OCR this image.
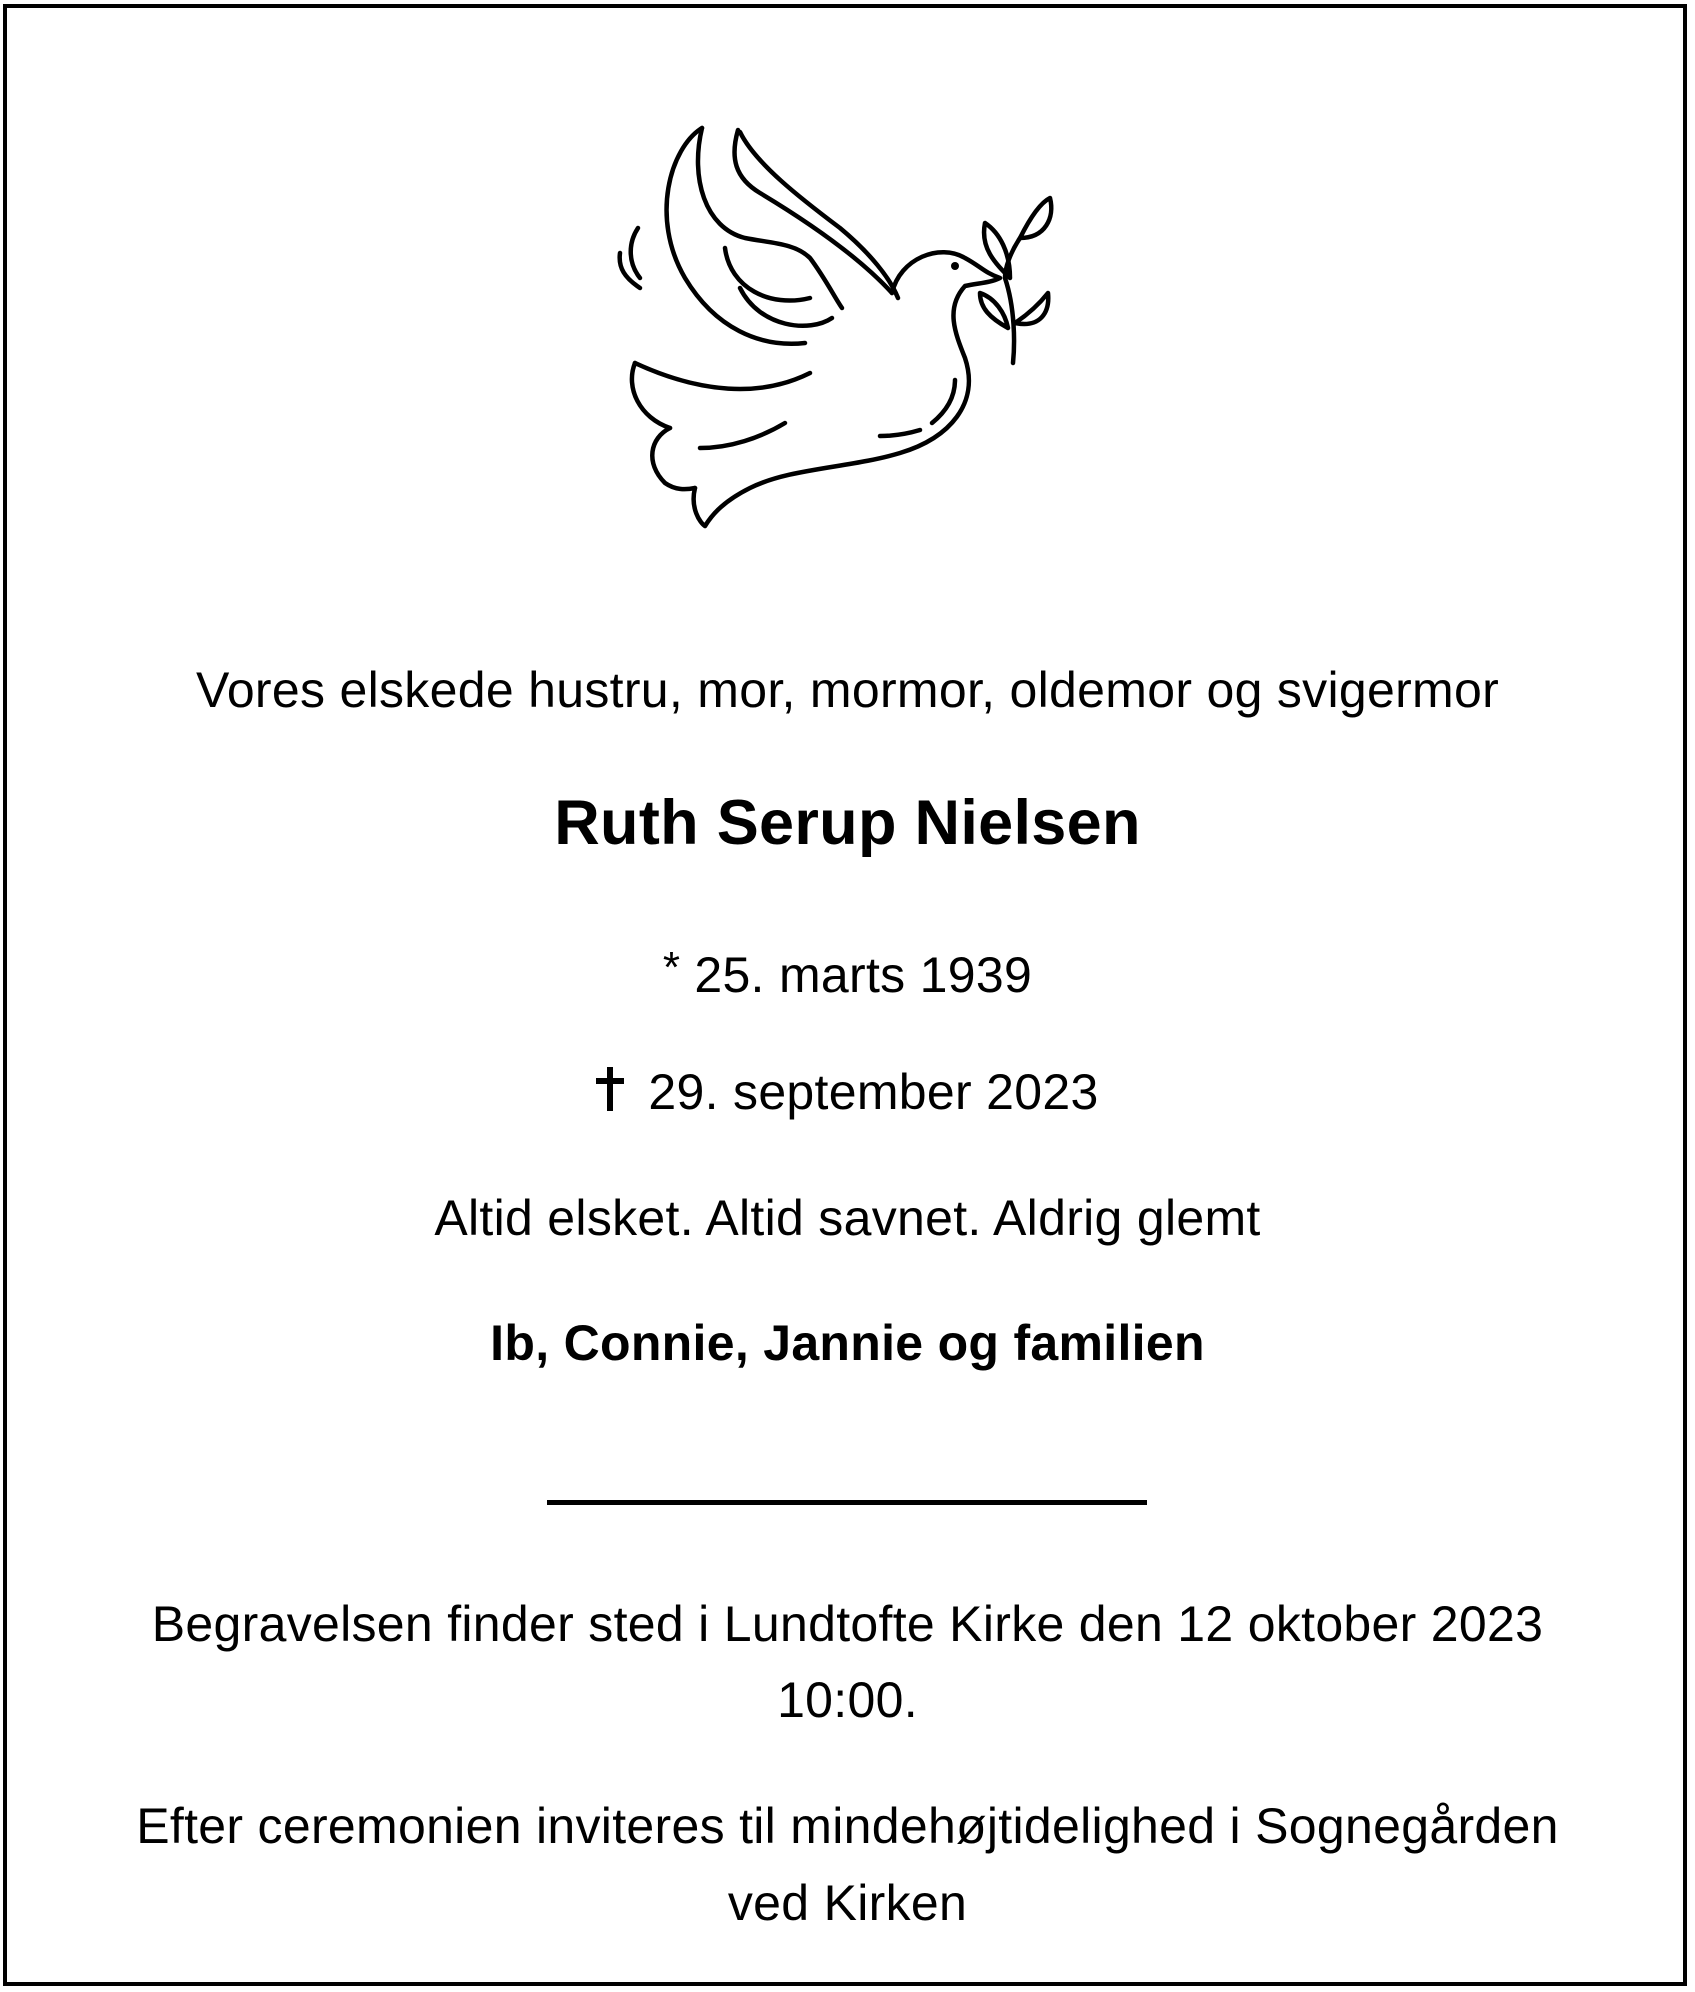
Vores elskede hustru, mor, mormor, oldemor og svigermor
Ruth Serup Nielsen
* 25. marts 1939
29. september 2023
Altid elsket. Altid savnet. Aldrig glemt
Ib, Connie, Jannie og familien
Begravelsen finder sted i Lundtofte Kirke den 12 oktober 2023
10:00.
Efter ceremonien inviteres til mindehøjtidelighed i Sognegården
ved Kirken
